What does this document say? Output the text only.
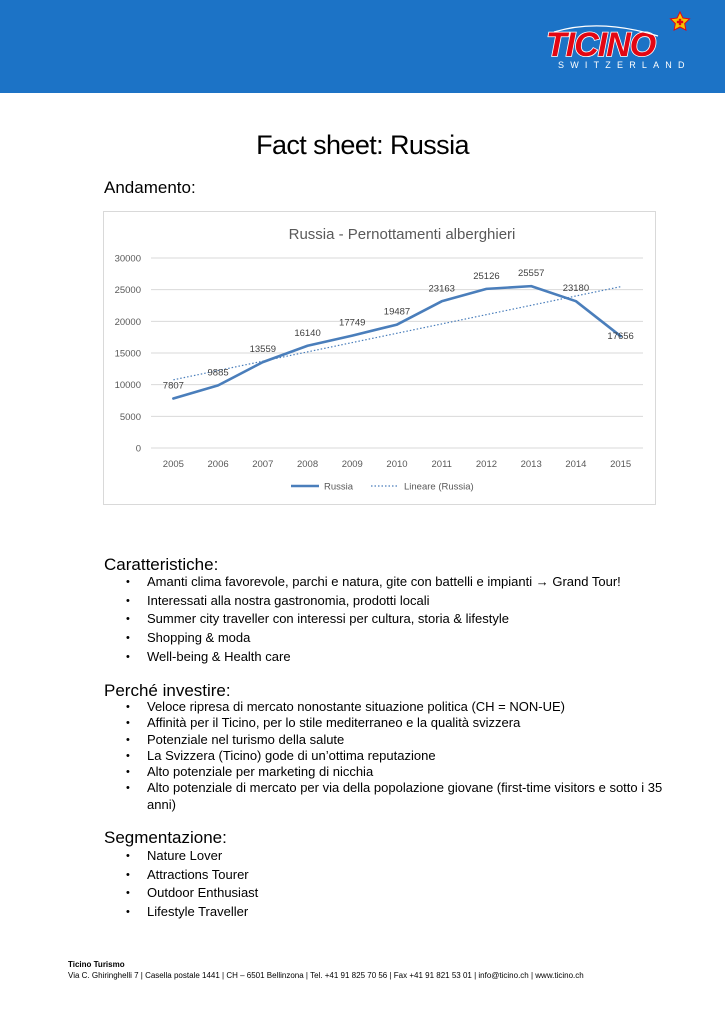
TICINO
SWITZERLAND
Fact sheet: Russia
Andamento:
Russia - Pernottamenti alberghieri
0
5000
10000
15000
20000
25000
30000
2005 2006 2007 2008 2009 2010	2011	2012 2013 2014 2015
7807
9885
13559
16140
17749
19487
23163
25126 25557
23180
17656
Russia	Lineare (Russia)
Caratteristiche:
• Amanti clima favorevole, parchi e natura, gite con battelli e impianti → Grand Tour!
• Interessati alla nostra gastronomia, prodotti locali
• Summer city traveller con interessi per cultura, storia & lifestyle
• Shopping & moda
• Well-being & Health care
Perché investire:
• Veloce ripresa di mercato nonostante situazione politica (CH = NON-UE)
• Affinità per il Ticino, per lo stile mediterraneo e la qualità svizzera
• Potenziale nel turismo della salute
• La Svizzera (Ticino) gode di un’ottima reputazione
• Alto potenziale per marketing di nicchia
• Alto potenziale di mercato per via della popolazione giovane (first-time visitors e sotto i 35 anni)
Segmentazione:
• Nature Lover
• Attractions Tourer
• Outdoor Enthusiast
• Lifestyle Traveller
Ticino Turismo
Via C. Ghiringhelli 7 | Casella postale 1441 | CH – 6501 Bellinzona | Tel. +41 91 825 70 56 | Fax +41 91 821 53 01 | info@ticino.ch | www.ticino.ch
